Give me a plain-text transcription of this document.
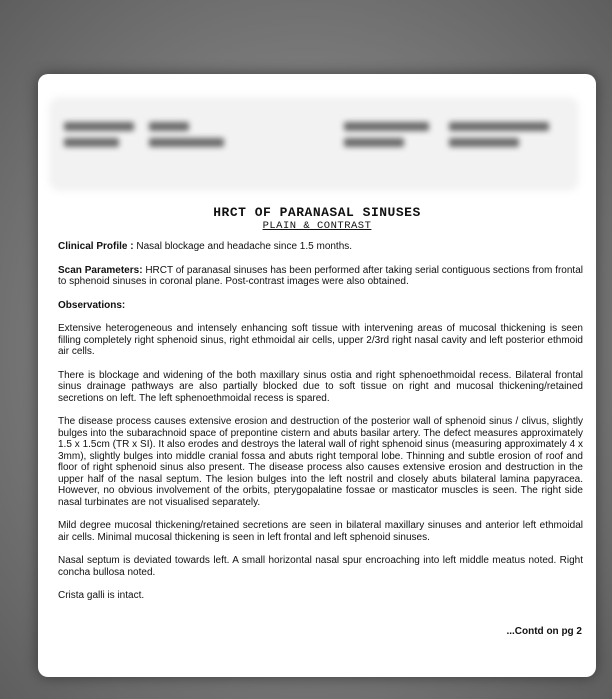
HRCT OF PARANASAL SINUSES
PLAIN & CONTRAST

Clinical Profile : Nasal blockage and headache since 1.5 months.

Scan Parameters: HRCT of paranasal sinuses has been performed after taking serial contiguous sections from frontal to sphenoid sinuses in coronal plane. Post-contrast images were also obtained.

Observations:

Extensive heterogeneous and intensely enhancing soft tissue with intervening areas of mucosal thickening is seen filling completely right sphenoid sinus, right ethmoidal air cells, upper 2/3rd right nasal cavity and left posterior ethmoid air cells.

There is blockage and widening of the both maxillary sinus ostia and right sphenoethmoidal recess. Bilateral frontal sinus drainage pathways are also partially blocked due to soft tissue on right and mucosal thickening/retained secretions on left. The left sphenoethmoidal recess is spared.

The disease process causes extensive erosion and destruction of the posterior wall of sphenoid sinus / clivus, slightly bulges into the subarachnoid space of prepontine cistern and abuts basilar artery. The defect measures approximately 1.5 x 1.5cm (TR x SI). It also erodes and destroys the lateral wall of right sphenoid sinus (measuring approximately 4 x 3mm), slightly bulges into middle cranial fossa and abuts right temporal lobe. Thinning and subtle erosion of roof and floor of right sphenoid sinus also present. The disease process also causes extensive erosion and destruction in the upper half of the nasal septum. The lesion bulges into the left nostril and closely abuts bilateral lamina papyracea. However, no obvious involvement of the orbits, pterygopalatine fossae or masticator muscles is seen. The right side nasal turbinates are not visualised separately.

Mild degree mucosal thickening/retained secretions are seen in bilateral maxillary sinuses and anterior left ethmoidal air cells. Minimal mucosal thickening is seen in left frontal and left sphenoid sinuses.

Nasal septum is deviated towards left. A small horizontal nasal spur encroaching into left middle meatus noted. Right concha bullosa noted.

Crista galli is intact.

...Contd on pg 2
